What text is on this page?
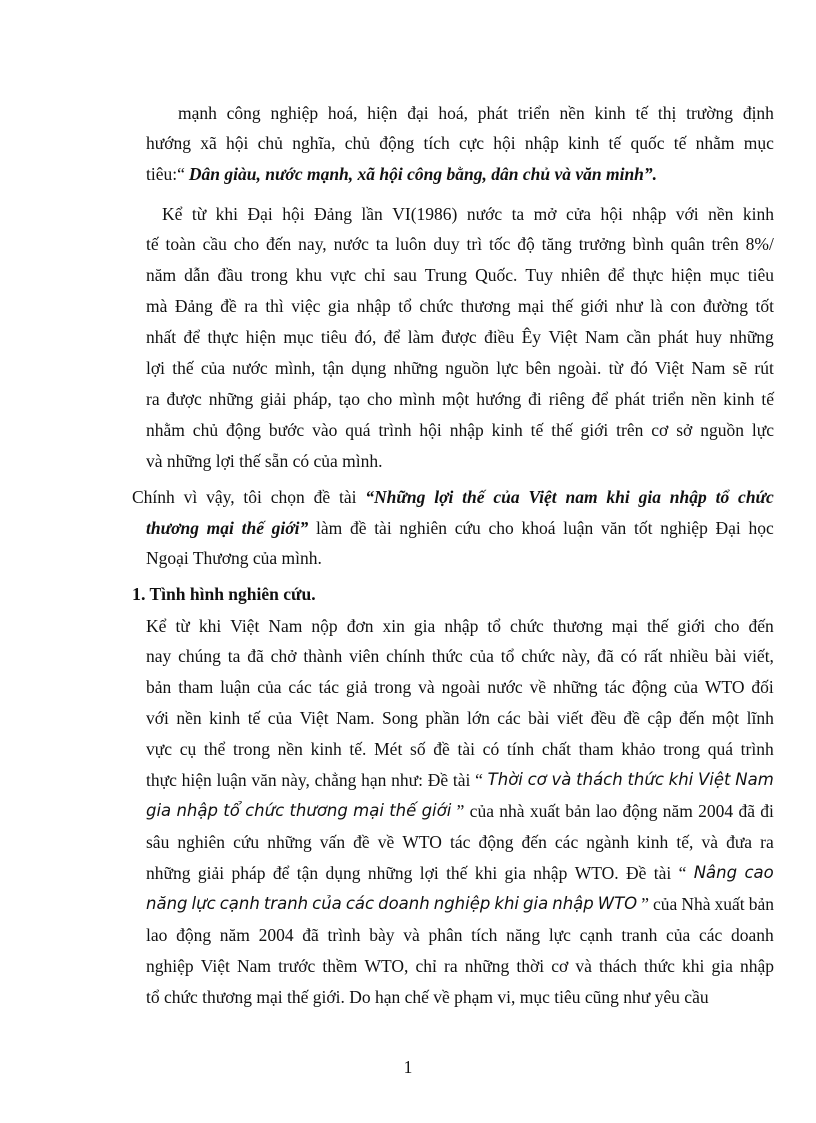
mạnh công nghiệp hoá, hiện đại hoá, phát triển nền kinh tế thị trường định
hướng xã hội chủ nghĩa, chủ động tích cực hội nhập kinh tế quốc tế nhằm mục
tiêu:“ Dân giàu, nước mạnh, xã hội công bằng, dân chủ và văn minh”.
Kể từ khi Đại hội Đảng lần VI(1986) nước ta mở cửa hội nhập với nền kinh
tế toàn cầu cho đến nay, nước ta luôn duy trì tốc độ tăng trưởng bình quân trên 8%/
năm dẫn đầu trong khu vực chỉ sau Trung Quốc. Tuy nhiên để thực hiện mục tiêu
mà Đảng đề ra thì việc gia nhập tổ chức thương mại thế giới như là con đường tốt
nhất để thực hiện mục tiêu đó, để làm được điều Êy Việt Nam cần phát huy những
lợi thế của nước mình, tận dụng những nguồn lực bên ngoài. từ đó Việt Nam sẽ rút
ra được những giải pháp, tạo cho mình một hướng đi riêng để phát triển nền kinh tế
nhằm chủ động bước vào quá trình hội nhập kinh tế thế giới trên cơ sở nguồn lực
và những lợi thế sẵn có của mình.
Chính vì vậy, tôi chọn đề tài “Những lợi thế của Việt nam khi gia nhập tổ chức
thương mại thế giới” làm đề tài nghiên cứu cho khoá luận văn tốt nghiệp Đại học
Ngoại Thương của mình.
1. Tình hình nghiên cứu.
Kể từ khi Việt Nam nộp đơn xin gia nhập tổ chức thương mại thế giới cho đến
nay chúng ta đã chở thành viên chính thức của tổ chức này, đã có rất nhiều bài viết,
bản tham luận của các tác giả trong và ngoài nước về những tác động của WTO đối
với nền kinh tế của Việt Nam. Song phần lớn các bài viết đều đề cập đến một lĩnh
vực cụ thể trong nền kinh tế. Mét số đề tài có tính chất tham khảo trong quá trình
thực hiện luận văn này, chẳng hạn như: Đề tài “ Thời cơ và thách thức khi Việt Nam
gia nhập tổ chức thương mại thế giới ” của nhà xuất bản lao động năm 2004 đã đi
sâu nghiên cứu những vấn đề về WTO tác động đến các ngành kinh tế, và đưa ra
những giải pháp để tận dụng những lợi thế khi gia nhập WTO. Đề tài “ Nâng cao
năng lực cạnh tranh của các doanh nghiệp khi gia nhập WTO ” của Nhà xuất bản
lao động năm 2004 đã trình bày và phân tích năng lực cạnh tranh của các doanh
nghiệp Việt Nam trước thềm WTO, chỉ ra những thời cơ và thách thức khi gia nhập
tổ chức thương mại thế giới. Do hạn chế về phạm vi, mục tiêu cũng như yêu cầu
1
